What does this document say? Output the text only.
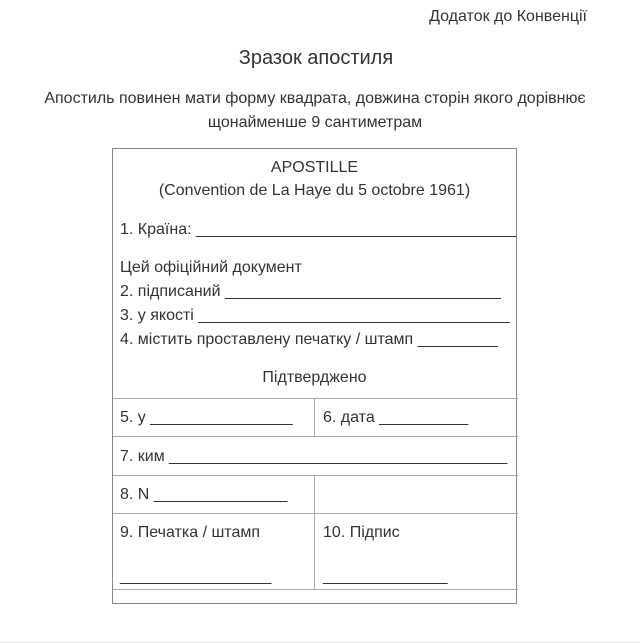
Додаток до Конвенції
Зразок апостиля
Апостиль повинен мати форму квадрата, довжина сторін якого дорівнює
щонайменше 9 сантиметрам
APOSTILLE
(Convention de La Haye du 5 octobre 1961)
1. Країна: ____________________________________
Цей офіційний документ
2. підписаний _______________________________
3. у якості ___________________________________
4. містить проставлену печатку / штамп _________
Підтверджено
5. у ________________	6. дата __________
7. ким ______________________________________
8. N _______________
9. Печатка / штамп
_________________
10. Підпис
______________
